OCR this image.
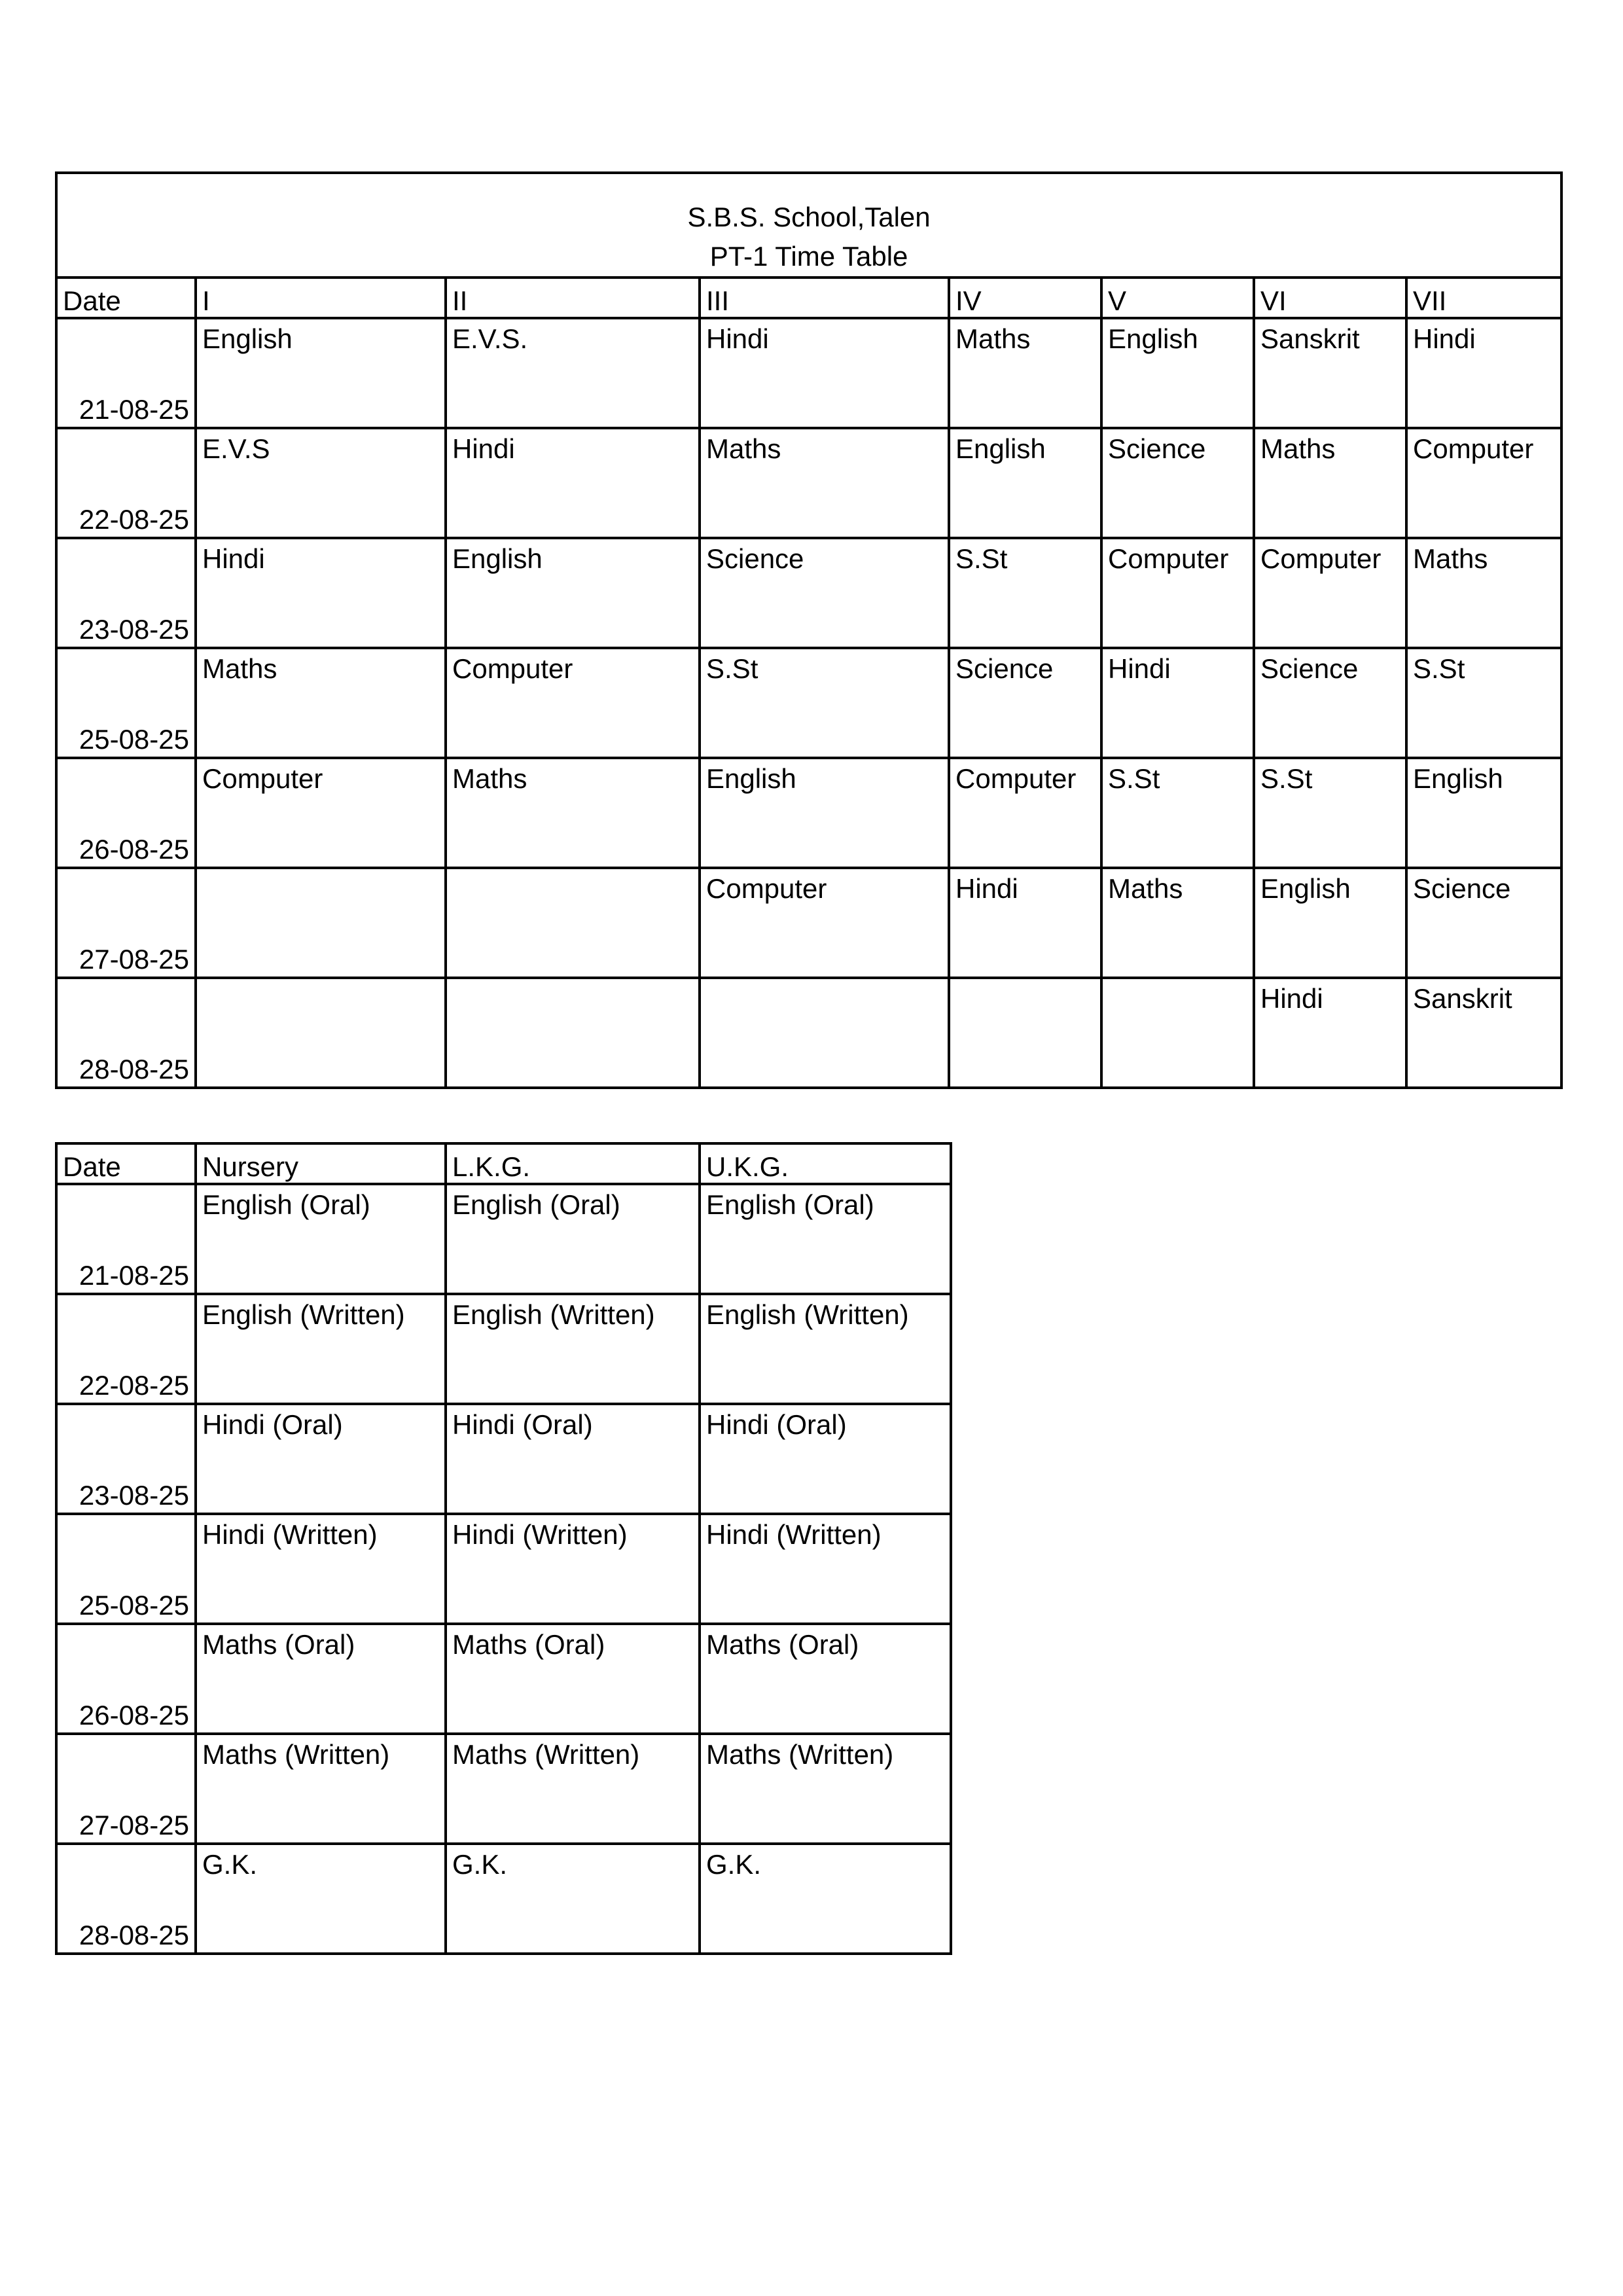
S.B.S. School,Talen
PT-1 Time Table							

Date	I	II	III	IV	V	VI	VII
21-08-25	English	E.V.S.	Hindi	Maths	English	Sanskrit	Hindi
22-08-25	E.V.S	Hindi	Maths	English	Science	Maths	Computer
23-08-25	Hindi	English	Science	S.St	Computer	Computer	Maths
25-08-25	Maths	Computer	S.St	Science	Hindi	Science	S.St
26-08-25	Computer	Maths	English	Computer	S.St	S.St	English
27-08-25			Computer	Hindi	Maths	English	Science
28-08-25						Hindi	Sanskrit
Date	Nursery	L.K.G.	U.K.G.
21-08-25	English (Oral)	English (Oral)	English (Oral)
22-08-25	English (Written)	English (Written)	English (Written)
23-08-25	Hindi (Oral)	Hindi (Oral)	Hindi (Oral)
25-08-25	Hindi (Written)	Hindi (Written)	Hindi (Written)
26-08-25	Maths (Oral)	Maths (Oral)	Maths (Oral)
27-08-25	Maths (Written)	Maths (Written)	Maths (Written)
28-08-25	G.K.	G.K.	G.K.
